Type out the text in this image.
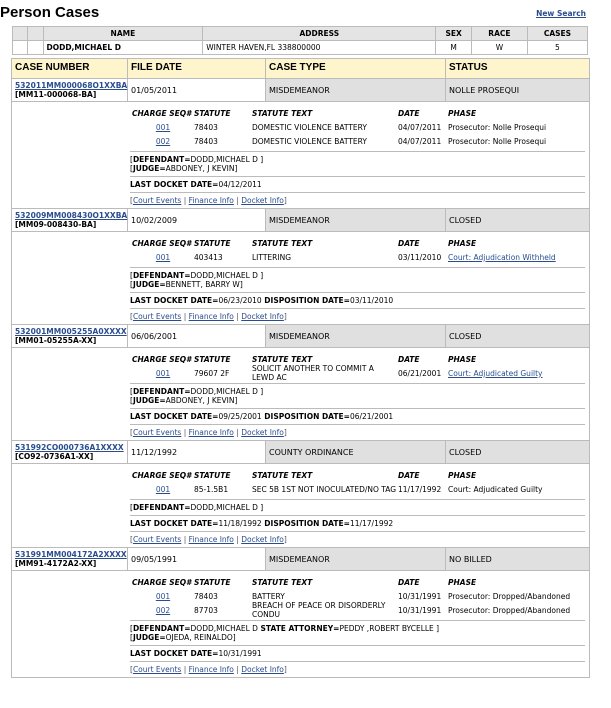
Person Cases	New Search
		NAME	ADDRESS	SEX	RACE	CASES
		DODD,MICHAEL D	WINTER HAVEN,FL 338800000	M	W	5
CASE NUMBER	FILE DATE	CASE TYPE	STATUS
532011MM000068O1XXBA
[MM11-000068-BA]	01/05/2011	MISDEMEANOR	NOLLE PROSEQUI
CHARGE SEQ# STATUTE	STATUTE TEXT	DATE	PHASE
001	78403	DOMESTIC VIOLENCE BATTERY	04/07/2011 Prosecutor: Nolle Prosequi
002	78403	DOMESTIC VIOLENCE BATTERY	04/07/2011 Prosecutor: Nolle Prosequi
[DEFENDANT=DODD,MICHAEL D ]
[JUDGE=ABDONEY, J KEVIN]
LAST DOCKET DATE=04/12/2011
[Court Events | Finance Info | Docket Info]
532009MM008430O1XXBA
[MM09-008430-BA]	10/02/2009	MISDEMEANOR	CLOSED
CHARGE SEQ# STATUTE	STATUTE TEXT	DATE	PHASE
001	403413	LITTERING	03/11/2010 Court: Adjudication Withheld
[DEFENDANT=DODD,MICHAEL D ]
[JUDGE=BENNETT, BARRY W]
LAST DOCKET DATE=06/23/2010 DISPOSITION DATE=03/11/2010
[Court Events | Finance Info | Docket Info]
532001MM005255A0XXXX
[MM01-05255A-XX]	06/06/2001	MISDEMEANOR	CLOSED
CHARGE SEQ# STATUTE	STATUTE TEXT	DATE	PHASE
001	79607 2F	SOLICIT ANOTHER TO COMMIT A LEWD AC	06/21/2001 Court: Adjudicated Guilty
[DEFENDANT=DODD,MICHAEL D ]
[JUDGE=ABDONEY, J KEVIN]
LAST DOCKET DATE=09/25/2001 DISPOSITION DATE=06/21/2001
[Court Events | Finance Info | Docket Info]
531992CO000736A1XXXX
[CO92-0736A1-XX]	11/12/1992	COUNTY ORDINANCE	CLOSED
CHARGE SEQ# STATUTE	STATUTE TEXT	DATE	PHASE
001	85-1.5B1	SEC 5B 1ST NOT INOCULATED/NO TAG 11/17/1992 Court: Adjudicated Guilty
[DEFENDANT=DODD,MICHAEL D ]
LAST DOCKET DATE=11/18/1992 DISPOSITION DATE=11/17/1992
[Court Events | Finance Info | Docket Info]
531991MM004172A2XXXX
[MM91-4172A2-XX]	09/05/1991	MISDEMEANOR	NO BILLED
CHARGE SEQ# STATUTE	STATUTE TEXT	DATE	PHASE
001	78403	BATTERY	10/31/1991 Prosecutor: Dropped/Abandoned
002	87703	BREACH OF PEACE OR DISORDERLY CONDU	10/31/1991 Prosecutor: Dropped/Abandoned
[DEFENDANT=DODD,MICHAEL D STATE ATTORNEY=PEDDY ,ROBERT BYCELLE ]
[JUDGE=OJEDA, REINALDO]
LAST DOCKET DATE=10/31/1991
[Court Events | Finance Info | Docket Info]
